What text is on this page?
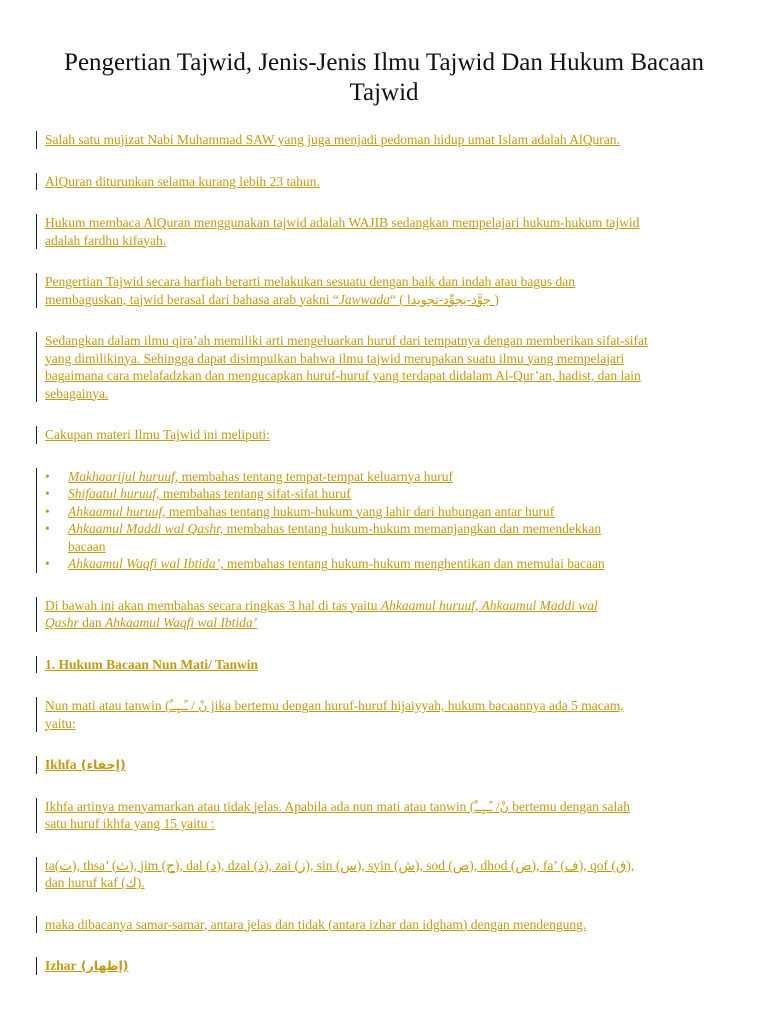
Pengertian Tajwid, Jenis-Jenis Ilmu Tajwid Dan Hukum Bacaan Tajwid

Salah satu mujizat Nabi Muhammad SAW yang juga menjadi pedoman hidup umat Islam adalah AlQuran.

AlQuran diturunkan selama kurang lebih 23 tahun.

Hukum membaca AlQuran menggunakan tajwid adalah WAJIB sedangkan mempelajari hukum-hukum tajwid
adalah fardhu kifayah.

Pengertian Tajwid secara harfiah berarti melakukan sesuatu dengan baik dan indah atau bagus dan
membaguskan, tajwid berasal dari bahasa arab yakni “Jawwada“ ( جوَّد-يجوِّد-تجويدا )

Sedangkan dalam ilmu qira’ah memiliki arti mengeluarkan huruf dari tempatnya dengan memberikan sifat-sifat
yang dimilikinya. Sehingga dapat disimpulkan bahwa ilmu tajwid merupakan suatu ilmu yang mempelajari
bagaimana cara melafadzkan dan mengucapkan huruf-huruf yang terdapat didalam Al-Qur’an, hadist, dan lain
sebagainya.

Cakupan materi Ilmu Tajwid ini meliputi:

• Makhaarijul huruuf, membahas tentang tempat-tempat keluarnya huruf
• Shifaatul huruuf, membahas tentang sifat-sifat huruf
• Ahkaamul huruuf, membahas tentang hukum-hukum yang lahir dari hubungan antar huruf
• Ahkaamul Maddi wal Qashr, membahas tentang hukum-hukum memanjangkan dan memendekkan
bacaan
• Ahkaamul Waqfi wal Ibtida’, membahas tentang hukum-hukum menghentikan dan memulai bacaan

Di bawah ini akan membahas secara ringkas 3 hal di tas yaitu Ahkaamul huruuf, Ahkaamul Maddi wal
Qashr dan Ahkaamul Waqfi wal Ibtida’

1. Hukum Bacaan Nun Mati/ Tanwin

Nun mati atau tanwin ( نْ / ـًــٍــٌ jika bertemu dengan huruf-huruf hijaiyyah, hukum bacaannya ada 5 macam,
yaitu:

Ikhfa (إخفاء)

Ikhfa artinya menyamarkan atau tidak jelas. Apabila ada nun mati atau tanwin ( نْ/ ـًــٍــٌ bertemu dengan salah
satu huruf ikhfa yang 15 yaitu :

ta(ت), thsa’ (ث), jim (ج), dal (د), dzal (ذ), zai (ز), sin (س), syin (ش), sod (ص), dhod (ض), fa’ (ف), qof (ق),
dan huruf kaf (ك).

maka dibacanya samar-samar, antara jelas dan tidak (antara izhar dan idgham) dengan mendengung.

Izhar (إظهار)
